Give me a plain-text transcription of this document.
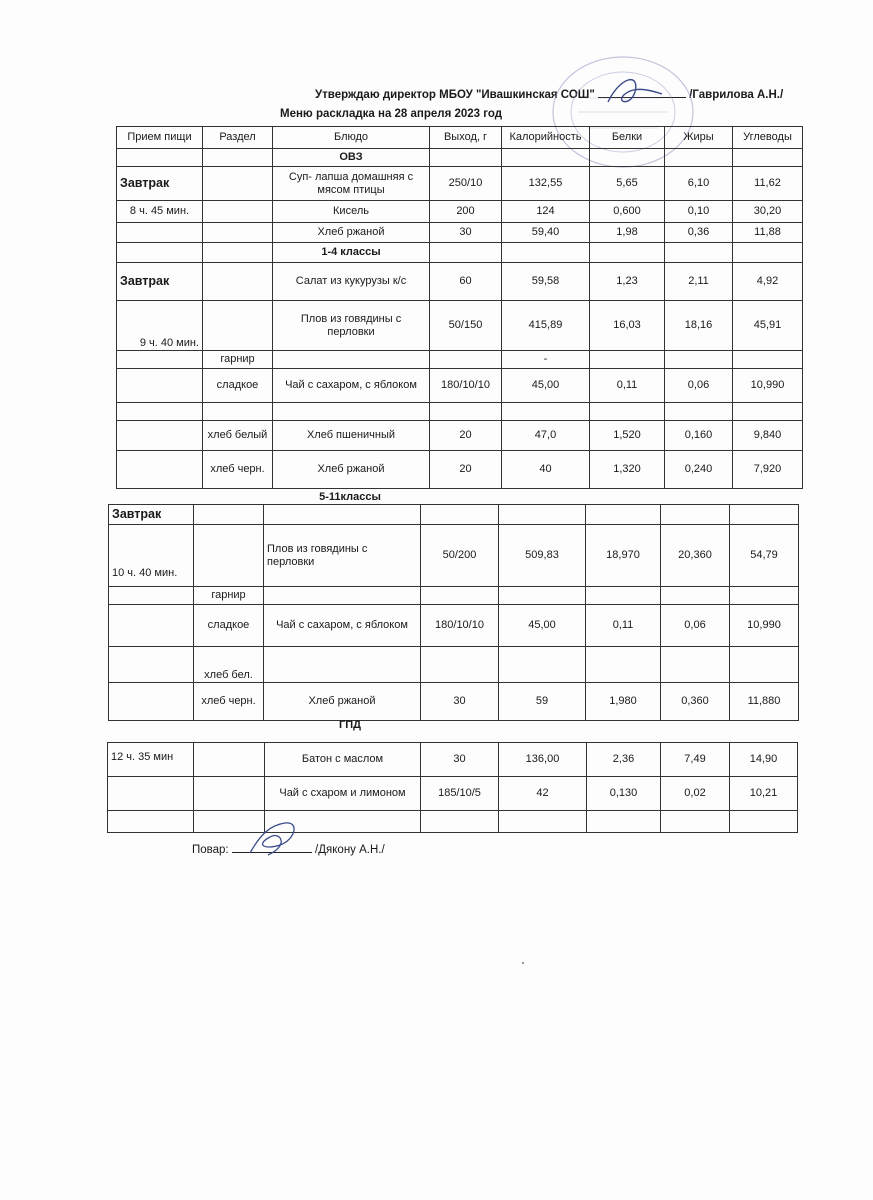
Утверждаю директор МБОУ "Ивашкинская СОШ"	/Гаврилова А.Н./
Меню раскладка на 28 апреля 2023 год
Прием пищи	Раздел	Блюдо	Выход, г	Калорийность	Белки	Жиры	Углеводы
		ОВЗ					
Завтрак		Суп- лапша домашняя с мясом птицы	250/10	132,55	5,65	6,10	11,62
8 ч. 45 мин.		Кисель	200	124	0,600	0,10	30,20
		Хлеб ржаной	30	59,40	1,98	0,36	11,88
		1-4 классы					
Завтрак		Салат из кукурузы к/с	60	59,58	1,23	2,11	4,92
9 ч. 40 мин.		Плов из говядины с перловки	50/150	415,89	16,03	18,16	45,91
	гарнир			-			
	сладкое	Чай с сахаром, с яблоком	180/10/10	45,00	0,11	0,06	10,990

	хлеб белый	Хлеб пшеничный	20	47,0	1,520	0,160	9,840
	хлеб черн.	Хлеб ржаной	20	40	1,320	0,240	7,920
5-11классы
Завтрак							
10 ч. 40 мин.		Плов из говядины с перловки	50/200	509,83	18,970	20,360	54,79
	гарнир						
	сладкое	Чай с сахаром, с яблоком	180/10/10	45,00	0,11	0,06	10,990
	хлеб бел.						
	хлеб черн.	Хлеб ржаной	30	59	1,980	0,360	11,880
ГПД
12 ч. 35 мин		Батон с маслом	30	136,00	2,36	7,49	14,90
		Чай с схаром и лимоном	185/10/5	42	0,130	0,02	10,21

Повар:	/Дякону А.Н./
